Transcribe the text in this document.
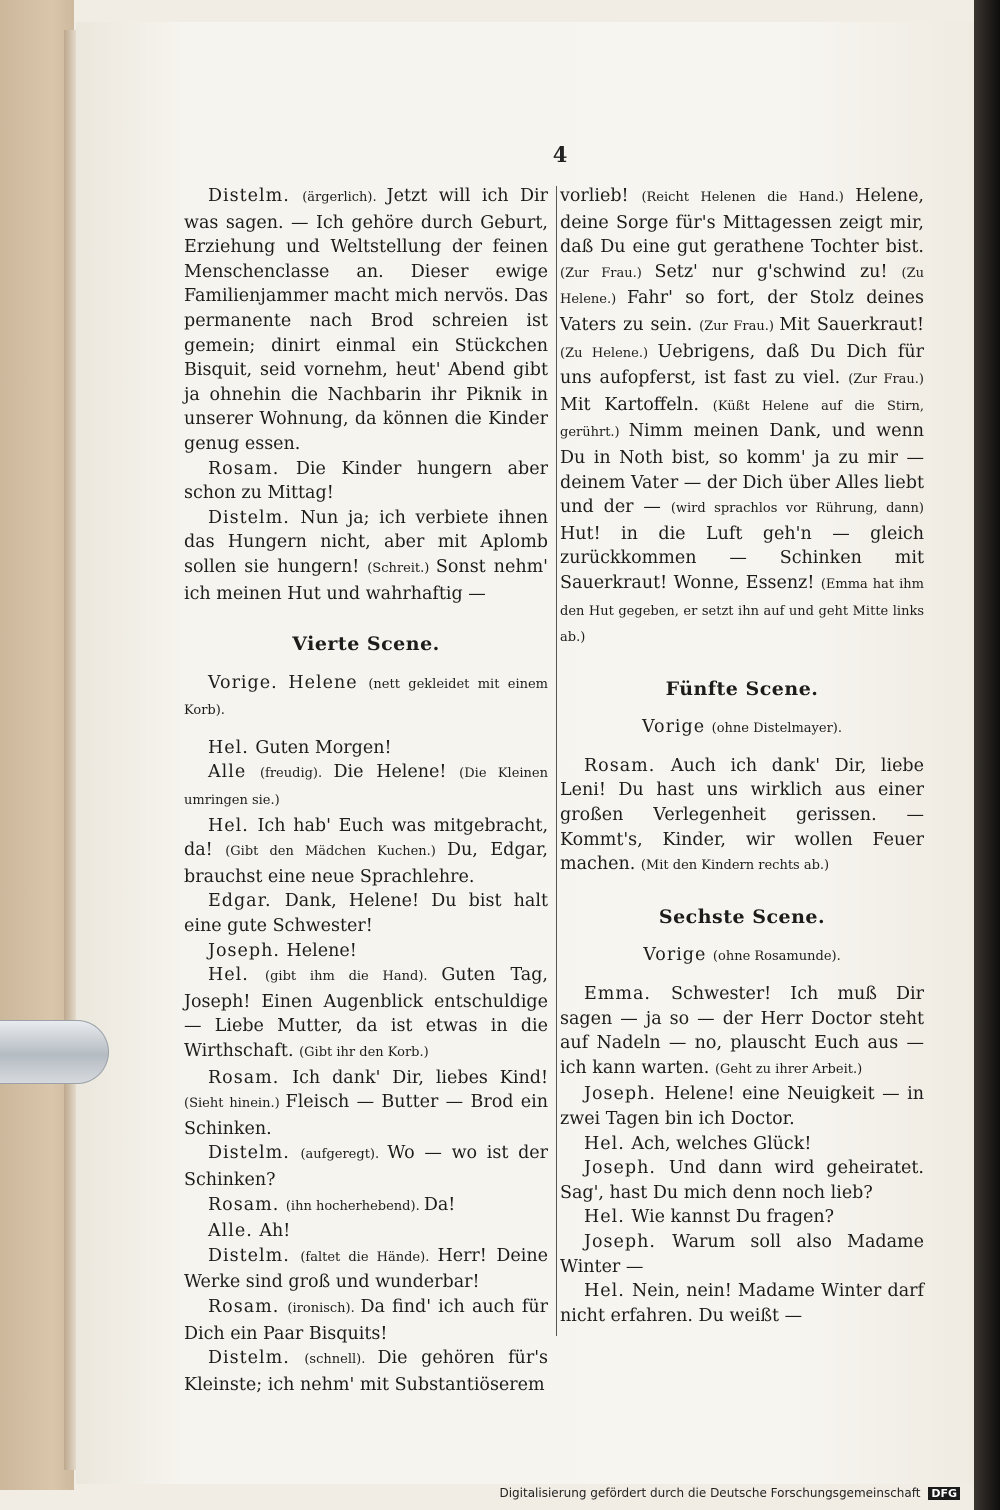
4

Distelm. (ärgerlich). Jetzt will ich Dir was sagen. — Ich gehöre durch Geburt, Erziehung und Weltstellung der feinen Menschenclasse an. Dieser ewige Familienjammer macht mich nervös. Das permanente nach Brod schreien ist gemein; dinirt einmal ein Stückchen Bisquit, seid vornehm, heut' Abend gibt ja ohnehin die Nachbarin ihr Piknik in unserer Wohnung, da können die Kinder genug essen.

Rosam. Die Kinder hungern aber schon zu Mittag!

Distelm. Nun ja; ich verbiete ihnen das Hungern nicht, aber mit Aplomb sollen sie hungern! (Schreit.) Sonst nehm' ich meinen Hut und wahrhaftig —

Vierte Scene.

Vorige. Helene (nett gekleidet mit einem Korb).

Hel. Guten Morgen!

Alle (freudig). Die Helene! (Die Kleinen umringen sie.)

Hel. Ich hab' Euch was mitgebracht, da! (Gibt den Mädchen Kuchen.) Du, Edgar, brauchst eine neue Sprachlehre.

Edgar. Dank, Helene! Du bist halt eine gute Schwester!

Joseph. Helene!

Hel. (gibt ihm die Hand). Guten Tag, Joseph! Einen Augenblick entschuldige — Liebe Mutter, da ist etwas in die Wirthschaft. (Gibt ihr den Korb.)

Rosam. Ich dank' Dir, liebes Kind! (Sieht hinein.) Fleisch — Butter — Brod ein Schinken.

Distelm. (aufgeregt). Wo — wo ist der Schinken?

Rosam. (ihn hocherhebend). Da!

Alle. Ah!

Distelm. (faltet die Hände). Herr! Deine Werke sind groß und wunderbar!

Rosam. (ironisch). Da find' ich auch für Dich ein Paar Bisquits!

Distelm. (schnell). Die gehören für's Kleinste; ich nehm' mit Substantiöserem

vorlieb! (Reicht Helenen die Hand.) Helene, deine Sorge für's Mittagessen zeigt mir, daß Du eine gut gerathene Tochter bist. (Zur Frau.) Setz' nur g'schwind zu! (Zu Helene.) Fahr' so fort, der Stolz deines Vaters zu sein. (Zur Frau.) Mit Sauerkraut! (Zu Helene.) Uebrigens, daß Du Dich für uns aufopferst, ist fast zu viel. (Zur Frau.) Mit Kartoffeln. (Küßt Helene auf die Stirn, gerührt.) Nimm meinen Dank, und wenn Du in Noth bist, so komm' ja zu mir — deinem Vater — der Dich über Alles liebt und der — (wird sprachlos vor Rührung, dann) Hut! in die Luft geh'n — gleich zurückkommen — Schinken mit Sauerkraut! Wonne, Essenz! (Emma hat ihm den Hut gegeben, er setzt ihn auf und geht Mitte links ab.)

Fünfte Scene.

Vorige (ohne Distelmayer).

Rosam. Auch ich dank' Dir, liebe Leni! Du hast uns wirklich aus einer großen Verlegenheit gerissen. — Kommt's, Kinder, wir wollen Feuer machen. (Mit den Kindern rechts ab.)

Sechste Scene.

Vorige (ohne Rosamunde).

Emma. Schwester! Ich muß Dir sagen — ja so — der Herr Doctor steht auf Nadeln — no, plauscht Euch aus — ich kann warten. (Geht zu ihrer Arbeit.)

Joseph. Helene! eine Neuigkeit — in zwei Tagen bin ich Doctor.

Hel. Ach, welches Glück!

Joseph. Und dann wird geheiratet. Sag', hast Du mich denn noch lieb?

Hel. Wie kannst Du fragen?

Joseph. Warum soll also Madame Winter —

Hel. Nein, nein! Madame Winter darf nicht erfahren. Du weißt —

Digitalisierung gefördert durch die Deutsche Forschungsgemeinschaft DFG
